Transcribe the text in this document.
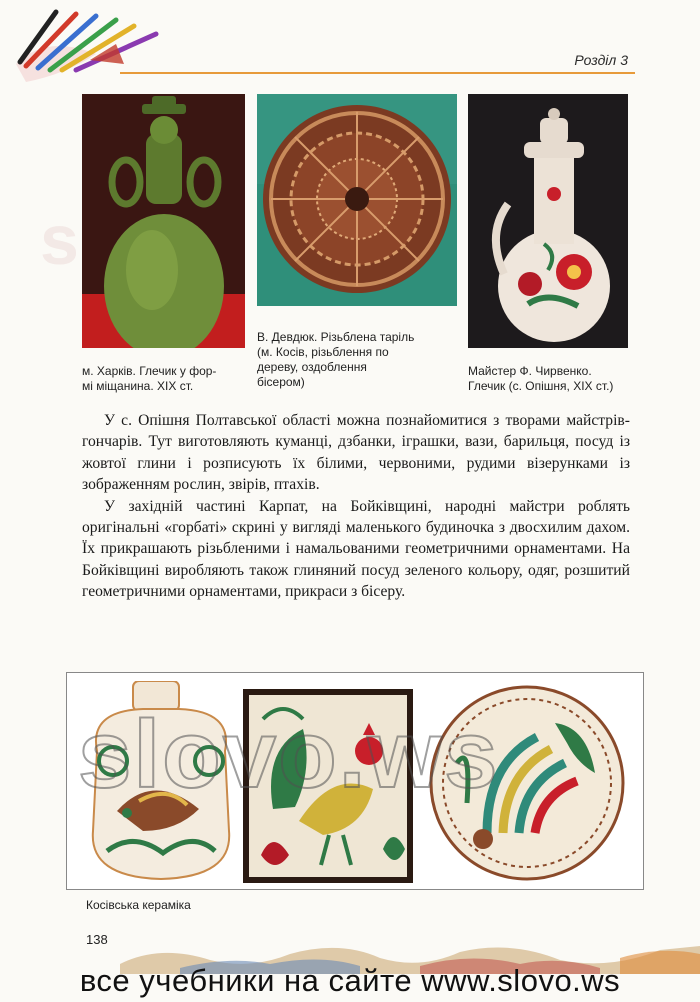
Розділ 3
м. Харків. Глечик у фор-
мі міщанина. XIX ст.
В. Девдюк. Різьблена таріль
(м. Косів, різьблення по
дереву, оздоблення
бісером)
Майстер Ф. Чирвенко.
Глечик (с. Опішня, XIX ст.)
s

У с. Опішня Полтавської області можна познайомитися з творами майстрів-гончарів. Тут виготовляють куманці, дзбанки, іграшки, вази, барильця, посуд із жовтої глини і розписують їх білими, червоними, рудими візерунками із зображенням рослин, звірів, птахів.

У західній частині Карпат, на Бойківщині, народні майстри роблять оригінальні «горбаті» скрині у вигляді маленького будиночка з двосхилим дахом. Їх прикрашають різьбленими і намальованими геометричними орнаментами. На Бойківщині виробляють також глиняний посуд зеленого кольору, одяг, розшитий геометричними орнаментами, прикраси з бісеру.

Косівська кераміка
138
все учебники на сайте www.slovo.ws
